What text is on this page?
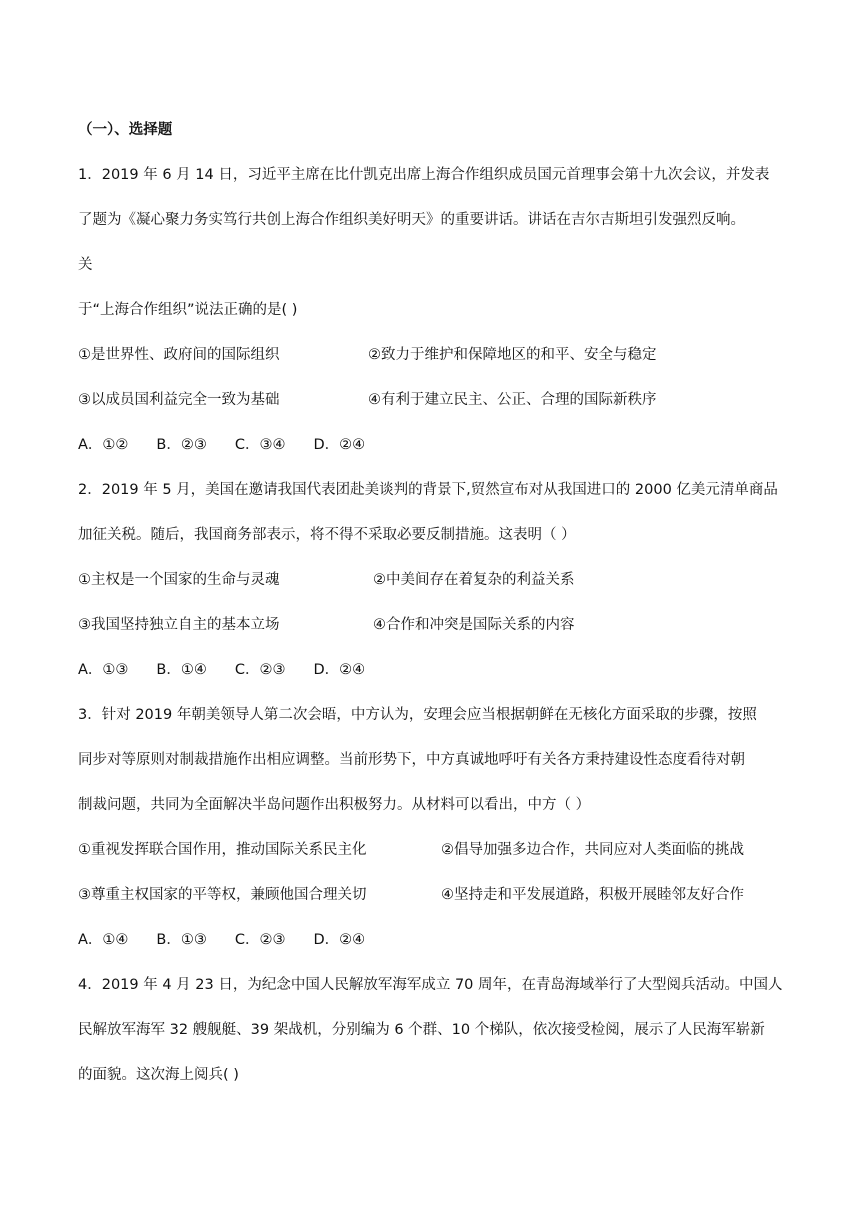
（一）、选择题
1．2019 年 6 月 14 日，习近平主席在比什凯克出席上海合作组织成员国元首理事会第十九次会议，并发表
了题为《凝心聚力务实笃行共创上海合作组织美好明天》的重要讲话。讲话在吉尔吉斯坦引发强烈反响。
关
于“上海合作组织”说法正确的是( )
①是世界性、政府间的国际组织	②致力于维护和保障地区的和平、安全与稳定
③以成员国利益完全一致为基础	④有利于建立民主、公正、合理的国际新秩序
A．①② B．②③ C．③④ D．②④
2．2019 年 5 月，美国在邀请我国代表团赴美谈判的背景下,贸然宣布对从我国进口的 2000 亿美元清单商品
加征关税。随后，我国商务部表示，将不得不采取必要反制措施。这表明（ ）
①主权是一个国家的生命与灵魂	②中美间存在着复杂的利益关系
③我国坚持独立自主的基本立场	④合作和冲突是国际关系的内容
A．①③ B．①④ C．②③ D．②④
3．针对 2019 年朝美领导人第二次会晤，中方认为，安理会应当根据朝鲜在无核化方面采取的步骤，按照
同步对等原则对制裁措施作出相应调整。当前形势下，中方真诚地呼吁有关各方秉持建设性态度看待对朝
制裁问题，共同为全面解决半岛问题作出积极努力。从材料可以看出，中方（ ）
①重视发挥联合国作用，推动国际关系民主化	②倡导加强多边合作，共同应对人类面临的挑战
③尊重主权国家的平等权，兼顾他国合理关切	④坚持走和平发展道路，积极开展睦邻友好合作
A．①④ B．①③ C．②③ D．②④
4．2019 年 4 月 23 日，为纪念中国人民解放军海军成立 70 周年，在青岛海域举行了大型阅兵活动。中国人
民解放军海军 32 艘舰艇、39 架战机，分别编为 6 个群、10 个梯队，依次接受检阅，展示了人民海军崭新
的面貌。这次海上阅兵( )
